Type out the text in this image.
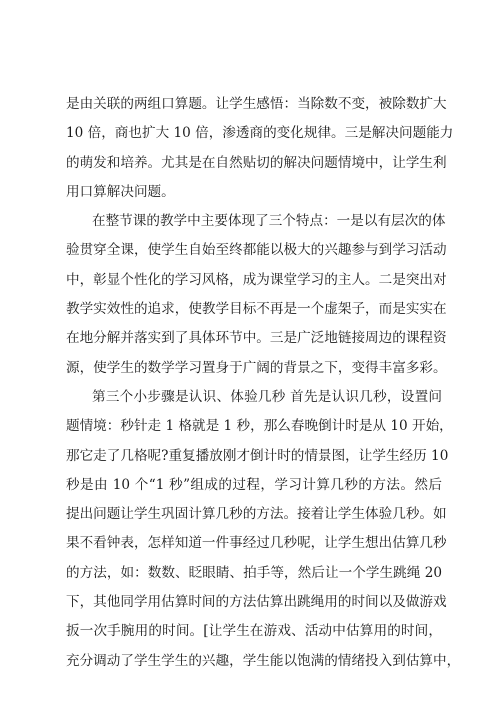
是由关联的两组口算题。让学生感悟：当除数不变，被除数扩大
10 倍，商也扩大 10 倍，渗透商的变化规律。三是解决问题能力
的萌发和培养。尤其是在自然贴切的解决问题情境中，让学生利
用口算解决问题。
在整节课的教学中主要体现了三个特点：一是以有层次的体
验贯穿全课，使学生自始至终都能以极大的兴趣参与到学习活动
中，彰显个性化的学习风格，成为课堂学习的主人。二是突出对
教学实效性的追求，使教学目标不再是一个虚架子，而是实实在
在地分解并落实到了具体环节中。三是广泛地链接周边的课程资
源，使学生的数学学习置身于广阔的背景之下，变得丰富多彩。
第三个小步骤是认识、体验几秒 首先是认识几秒，设置问
题情境：秒针走 1 格就是 1 秒，那么春晚倒计时是从 10 开始，
那它走了几格呢?重复播放刚才倒计时的情景图，让学生经历 10
秒是由 10 个“1 秒”组成的过程，学习计算几秒的方法。然后
提出问题让学生巩固计算几秒的方法。接着让学生体验几秒。如
果不看钟表，怎样知道一件事经过几秒呢，让学生想出估算几秒
的方法，如：数数、眨眼睛、拍手等，然后让一个学生跳绳 20
下，其他同学用估算时间的方法估算出跳绳用的时间以及做游戏
扳一次手腕用的时间。[让学生在游戏、活动中估算用的时间，
充分调动了学生学生的兴趣，学生能以饱满的情绪投入到估算中，
